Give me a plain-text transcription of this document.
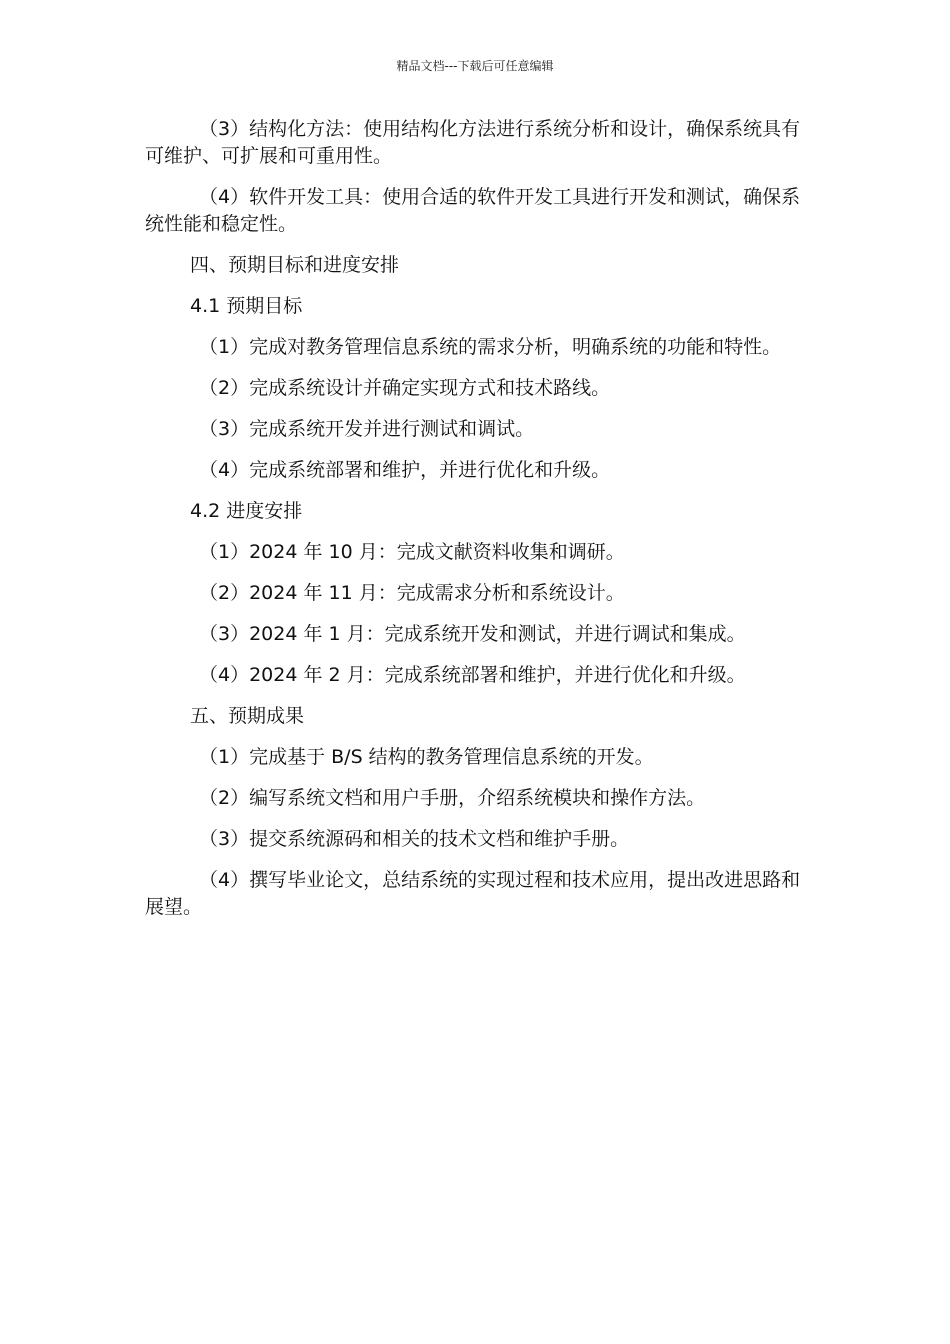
精品文档---下载后可任意编辑

（3）结构化方法：使用结构化方法进行系统分析和设计，确保系统具有可维护、可扩展和可重用性。

（4）软件开发工具：使用合适的软件开发工具进行开发和测试，确保系统性能和稳定性。

四、预期目标和进度安排

4.1 预期目标

（1）完成对教务管理信息系统的需求分析，明确系统的功能和特性。

（2）完成系统设计并确定实现方式和技术路线。

（3）完成系统开发并进行测试和调试。

（4）完成系统部署和维护，并进行优化和升级。

4.2 进度安排

（1）2024 年 10 月：完成文献资料收集和调研。

（2）2024 年 11 月：完成需求分析和系统设计。

（3）2024 年 1 月：完成系统开发和测试，并进行调试和集成。

（4）2024 年 2 月：完成系统部署和维护，并进行优化和升级。

五、预期成果

（1）完成基于 B/S 结构的教务管理信息系统的开发。

（2）编写系统文档和用户手册，介绍系统模块和操作方法。

（3）提交系统源码和相关的技术文档和维护手册。

（4）撰写毕业论文，总结系统的实现过程和技术应用，提出改进思路和展望。
